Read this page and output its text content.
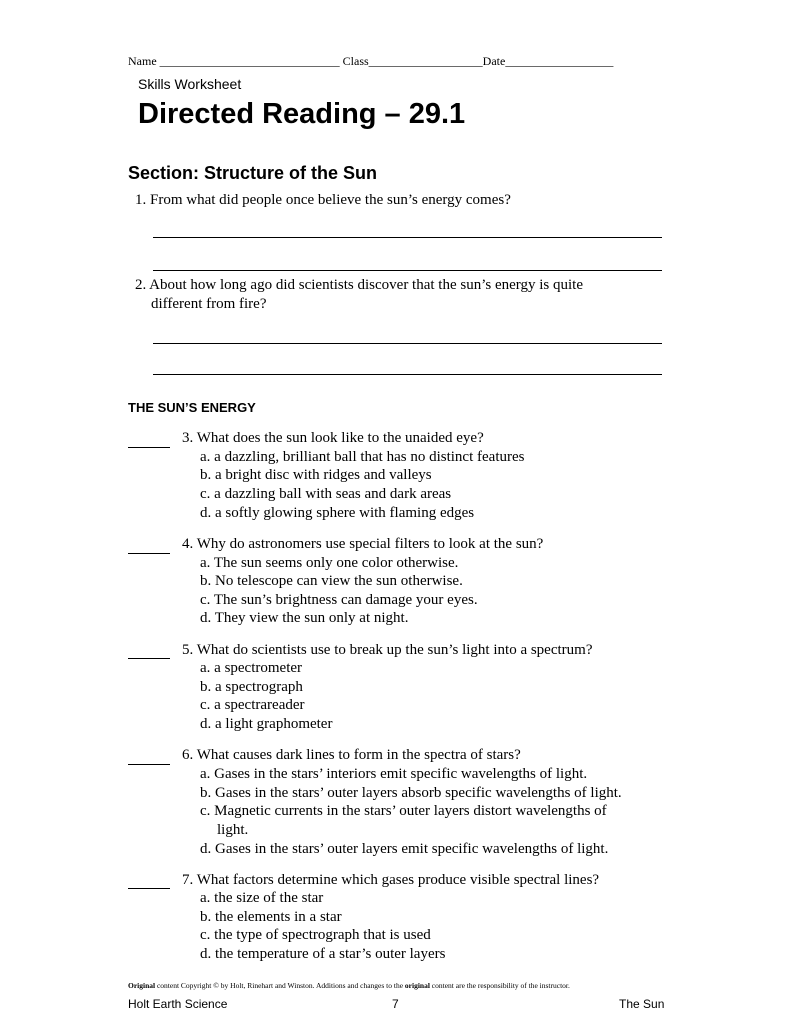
Name ______________________________ Class___________________Date__________________
Skills Worksheet
Directed Reading – 29.1
Section: Structure of the Sun
1. From what did people once believe the sun’s energy comes?
2. About how long ago did scientists discover that the sun’s energy is quite
different from fire?
THE SUN’S ENERGY
3. What does the sun look like to the unaided eye?
a. a dazzling, brilliant ball that has no distinct features
b. a bright disc with ridges and valleys
c. a dazzling ball with seas and dark areas
d. a softly glowing sphere with flaming edges
4. Why do astronomers use special filters to look at the sun?
a. The sun seems only one color otherwise.
b. No telescope can view the sun otherwise.
c. The sun’s brightness can damage your eyes.
d. They view the sun only at night.
5. What do scientists use to break up the sun’s light into a spectrum?
a. a spectrometer
b. a spectrograph
c. a spectrareader
d. a light graphometer
6. What causes dark lines to form in the spectra of stars?
a. Gases in the stars’ interiors emit specific wavelengths of light.
b. Gases in the stars’ outer layers absorb specific wavelengths of light.
c. Magnetic currents in the stars’ outer layers distort wavelengths of
light.
d. Gases in the stars’ outer layers emit specific wavelengths of light.
7. What factors determine which gases produce visible spectral lines?
a. the size of the star
b. the elements in a star
c. the type of spectrograph that is used
d. the temperature of a star’s outer layers
Original content Copyright © by Holt, Rinehart and Winston. Additions and changes to the original content are the responsibility of the instructor.
Holt Earth Science	7	The Sun
